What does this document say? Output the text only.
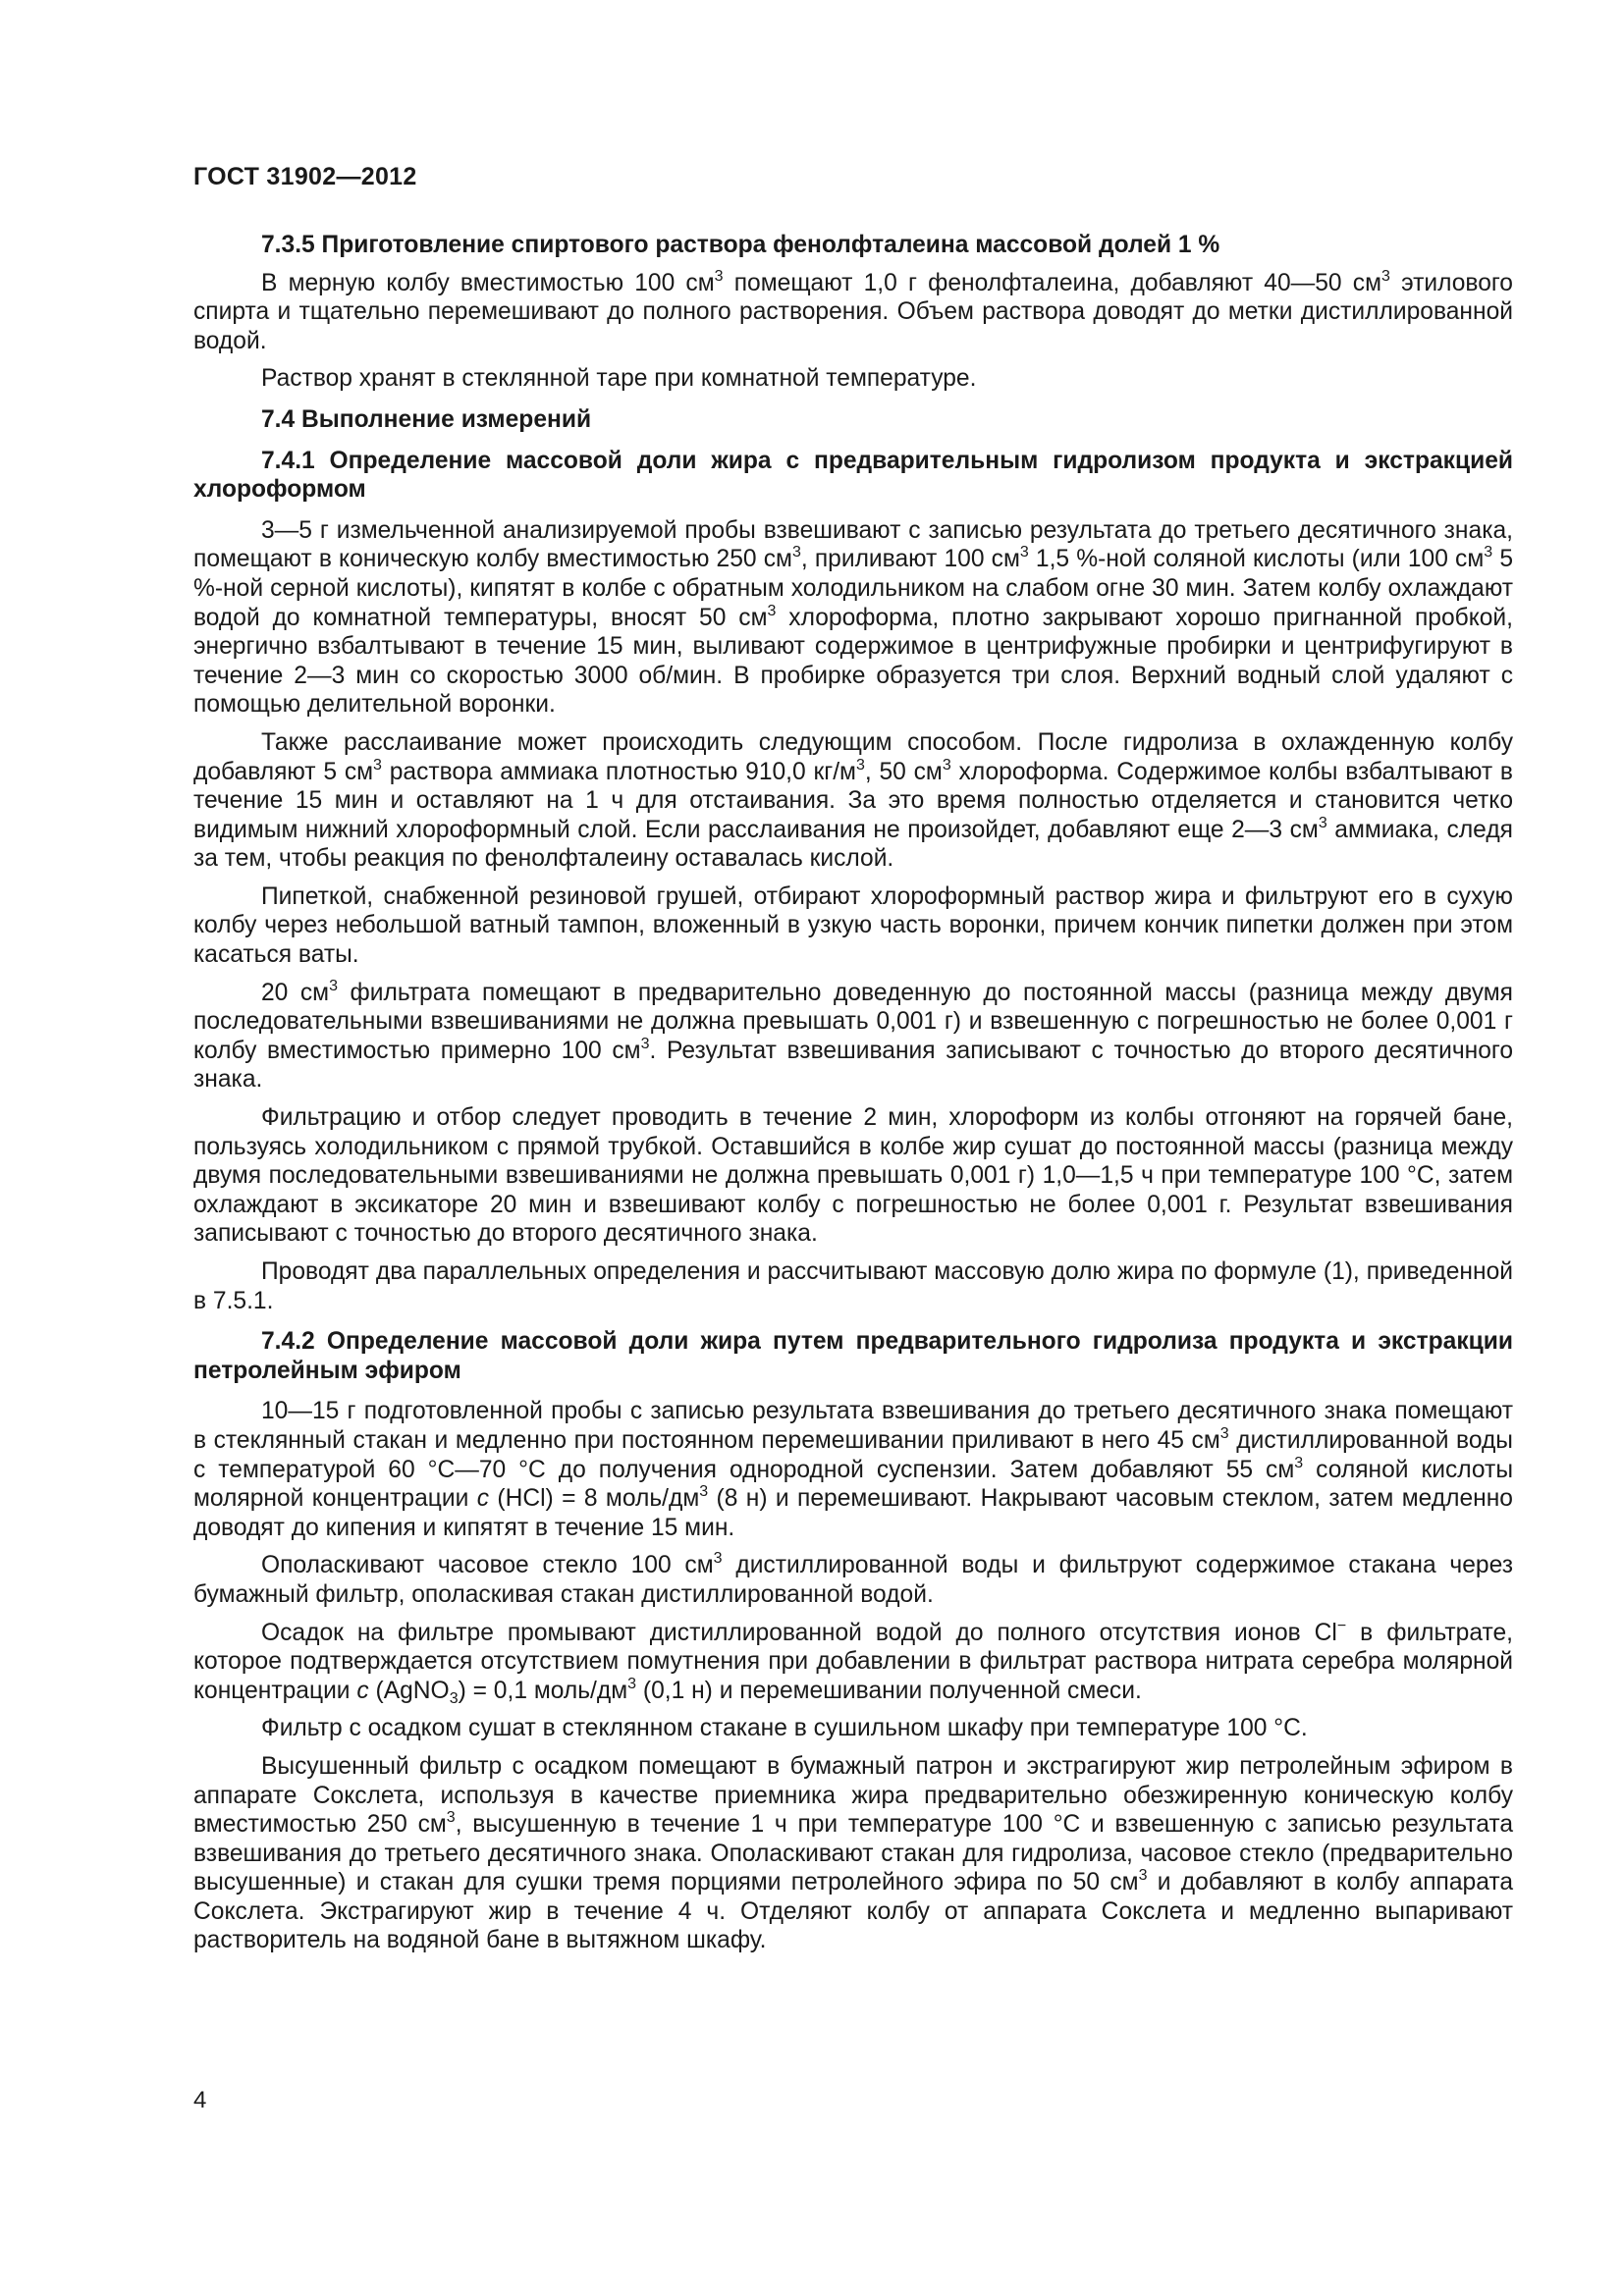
ГОСТ 31902—2012
7.3.5 Приготовление спиртового раствора фенолфталеина массовой долей 1 %

В мерную колбу вместимостью 100 $см^3$ помещают 1,0 г фенолфталеина, добавляют 40—50 $см^3$ этилового спирта и тщательно перемешивают до полного растворения. Объем раствора доводят до метки дистиллированной водой.

Раствор хранят в стеклянной таре при комнатной температуре.

7.4 Выполнение измерений
7.4.1 Определение массовой доли жира с предварительным гидролизом продукта и экстракцией хлороформом

3—5 г измельченной анализируемой пробы взвешивают с записью результата до третьего десятичного знака, помещают в коническую колбу вместимостью 250 $см^3$, приливают 100 $см^3$ 1,5 %-ной соляной кислоты (или 100 $см^3$ 5 %-ной серной кислоты), кипятят в колбе с обратным холодильником на слабом огне 30 мин. Затем колбу охлаждают водой до комнатной температуры, вносят 50 $см^3$ хлороформа, плотно закрывают хорошо пригнанной пробкой, энергично взбалтывают в течение 15 мин, выливают содержимое в центрифужные пробирки и центрифугируют в течение 2—3 мин со скоростью 3000 об/мин. В пробирке образуется три слоя. Верхний водный слой удаляют с помощью делительной воронки.

Также расслаивание может происходить следующим способом. После гидролиза в охлажденную колбу добавляют 5 $см^3$ раствора аммиака плотностью 910,0 $кг/м^3$, 50 $см^3$ хлороформа. Содержимое колбы взбалтывают в течение 15 мин и оставляют на 1 ч для отстаивания. За это время полностью отделяется и становится четко видимым нижний хлороформный слой. Если расслаивания не произойдет, добавляют еще 2—3 $см^3$ аммиака, следя за тем, чтобы реакция по фенолфталеину оставалась кислой.

Пипеткой, снабженной резиновой грушей, отбирают хлороформный раствор жира и фильтруют его в сухую колбу через небольшой ватный тампон, вложенный в узкую часть воронки, причем кончик пипетки должен при этом касаться ваты.

20 $см^3$ фильтрата помещают в предварительно доведенную до постоянной массы (разница между двумя последовательными взвешиваниями не должна превышать 0,001 г) и взвешенную с погрешностью не более 0,001 г колбу вместимостью примерно 100 $см^3$. Результат взвешивания записывают с точностью до второго десятичного знака.

Фильтрацию и отбор следует проводить в течение 2 мин, хлороформ из колбы отгоняют на горячей бане, пользуясь холодильником с прямой трубкой. Оставшийся в колбе жир сушат до постоянной массы (разница между двумя последовательными взвешиваниями не должна превышать 0,001 г) 1,0—1,5 ч при температуре 100 °С, затем охлаждают в эксикаторе 20 мин и взвешивают колбу с погрешностью не более 0,001 г. Результат взвешивания записывают с точностью до второго десятичного знака.

Проводят два параллельных определения и рассчитывают массовую долю жира по формуле (1), приведенной в 7.5.1.

7.4.2 Определение массовой доли жира путем предварительного гидролиза продукта и экстракции петролейным эфиром

10—15 г подготовленной пробы с записью результата взвешивания до третьего десятичного знака помещают в стеклянный стакан и медленно при постоянном перемешивании приливают в него 45 $см^3$ дистиллированной воды с температурой 60 °С—70 °С до получения однородной суспензии. Затем добавляют 55 $см^3$ соляной кислоты молярной концентрации c (HCl) = 8 моль/$дм^3$ (8 н) и перемешивают. Накрывают часовым стеклом, затем медленно доводят до кипения и кипятят в течение 15 мин.

Ополаскивают часовое стекло 100 $см^3$ дистиллированной воды и фильтруют содержимое стакана через бумажный фильтр, ополаскивая стакан дистиллированной водой.

Осадок на фильтре промывают дистиллированной водой до полного отсутствия ионов Cl− в фильтрате, которое подтверждается отсутствием помутнения при добавлении в фильтрат раствора нитрата серебра молярной концентрации c (AgNO$_3$) = 0,1 моль/$дм^3$ (0,1 н) и перемешивании полученной смеси.

Фильтр с осадком сушат в стеклянном стакане в сушильном шкафу при температуре 100 °С.

Высушенный фильтр с осадком помещают в бумажный патрон и экстрагируют жир петролейным эфиром в аппарате Сокслета, используя в качестве приемника жира предварительно обезжиренную коническую колбу вместимостью 250 $см^3$, высушенную в течение 1 ч при температуре 100 °С и взвешенную с записью результата взвешивания до третьего десятичного знака. Ополаскивают стакан для гидролиза, часовое стекло (предварительно высушенные) и стакан для сушки тремя порциями петролейного эфира по 50 $см^3$ и добавляют в колбу аппарата Сокслета. Экстрагируют жир в течение 4 ч. Отделяют колбу от аппарата Сокслета и медленно выпаривают растворитель на водяной бане в вытяжном шкафу.

4
